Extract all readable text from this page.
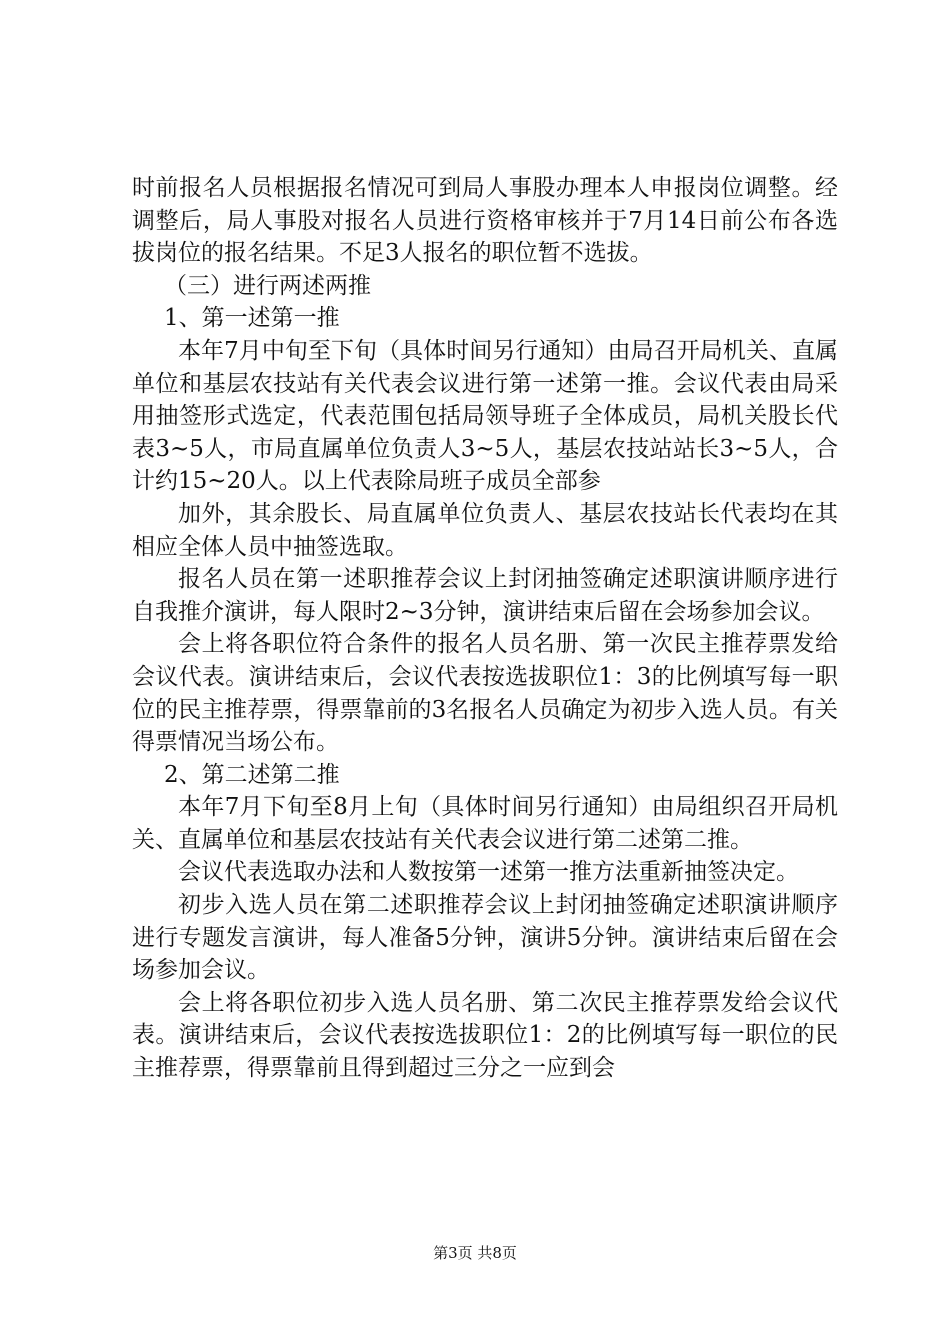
时前报名人员根据报名情况可到局人事股办理本人申报岗位调整。经调整后，局人事股对报名人员进行资格审核并于7月14日前公布各选拔岗位的报名结果。不足3人报名的职位暂不选拔。

（三）进行两述两推

1、第一述第一推

本年7月中旬至下旬（具体时间另行通知）由局召开局机关、直属单位和基层农技站有关代表会议进行第一述第一推。会议代表由局采用抽签形式选定，代表范围包括局领导班子全体成员，局机关股长代表3~5人，市局直属单位负责人3~5人，基层农技站站长3~5人，合计约15~20人。以上代表除局班子成员全部参

加外，其余股长、局直属单位负责人、基层农技站长代表均在其相应全体人员中抽签选取。

报名人员在第一述职推荐会议上封闭抽签确定述职演讲顺序进行自我推介演讲，每人限时2~3分钟，演讲结束后留在会场参加会议。

会上将各职位符合条件的报名人员名册、第一次民主推荐票发给会议代表。演讲结束后，会议代表按选拔职位1：3的比例填写每一职位的民主推荐票，得票靠前的3名报名人员确定为初步入选人员。有关得票情况当场公布。

2、第二述第二推

本年7月下旬至8月上旬（具体时间另行通知）由局组织召开局机关、直属单位和基层农技站有关代表会议进行第二述第二推。

会议代表选取办法和人数按第一述第一推方法重新抽签决定。

初步入选人员在第二述职推荐会议上封闭抽签确定述职演讲顺序进行专题发言演讲，每人准备5分钟，演讲5分钟。演讲结束后留在会场参加会议。

会上将各职位初步入选人员名册、第二次民主推荐票发给会议代表。演讲结束后，会议代表按选拔职位1：2的比例填写每一职位的民主推荐票，得票靠前且得到超过三分之一应到会

第3页 共8页
